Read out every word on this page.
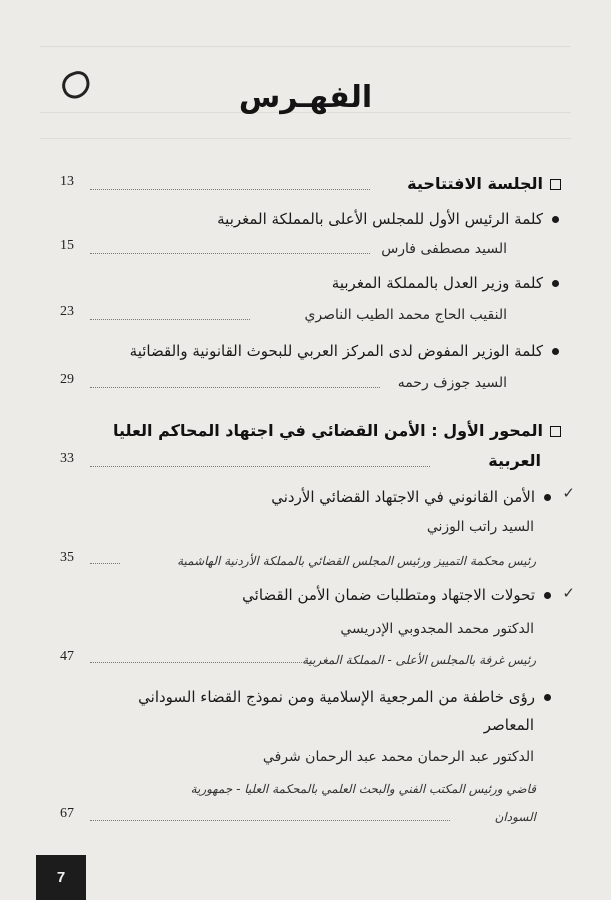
الفهـرس
الجلسة الافتتاحية
13
كلمة الرئيس الأول للمجلس الأعلى بالمملكة المغربية
السيد مصطفى فارس
15
كلمة وزير العدل بالمملكة المغربية
النقيب الحاج محمد الطيب الناصري
23
كلمة الوزير المفوض لدى المركز العربي للبحوث القانونية والقضائية
السيد جوزف رحمه
29
المحور الأول : الأمن القضائي في اجتهاد المحاكم العليا
العربية
33
✓
الأمن القانوني في الاجتهاد القضائي الأردني
السيد راتب الوزني
رئيس محكمة التمييز ورئيس المجلس القضائي بالمملكة الأردنية الهاشمية
35
✓
تحولات الاجتهاد ومتطلبات ضمان الأمن القضائي
الدكتور محمد المجدوبي الإدريسي
رئيس غرفة بالمجلس الأعلى - المملكة المغربية
47
رؤى خاطفة من المرجعية الإسلامية ومن نموذج القضاء السوداني
المعاصر
الدكتور عبد الرحمان محمد عبد الرحمان شرفي
قاضي ورئيس المكتب الفني والبحث العلمي بالمحكمة العليا - جمهورية
السودان
67
7
